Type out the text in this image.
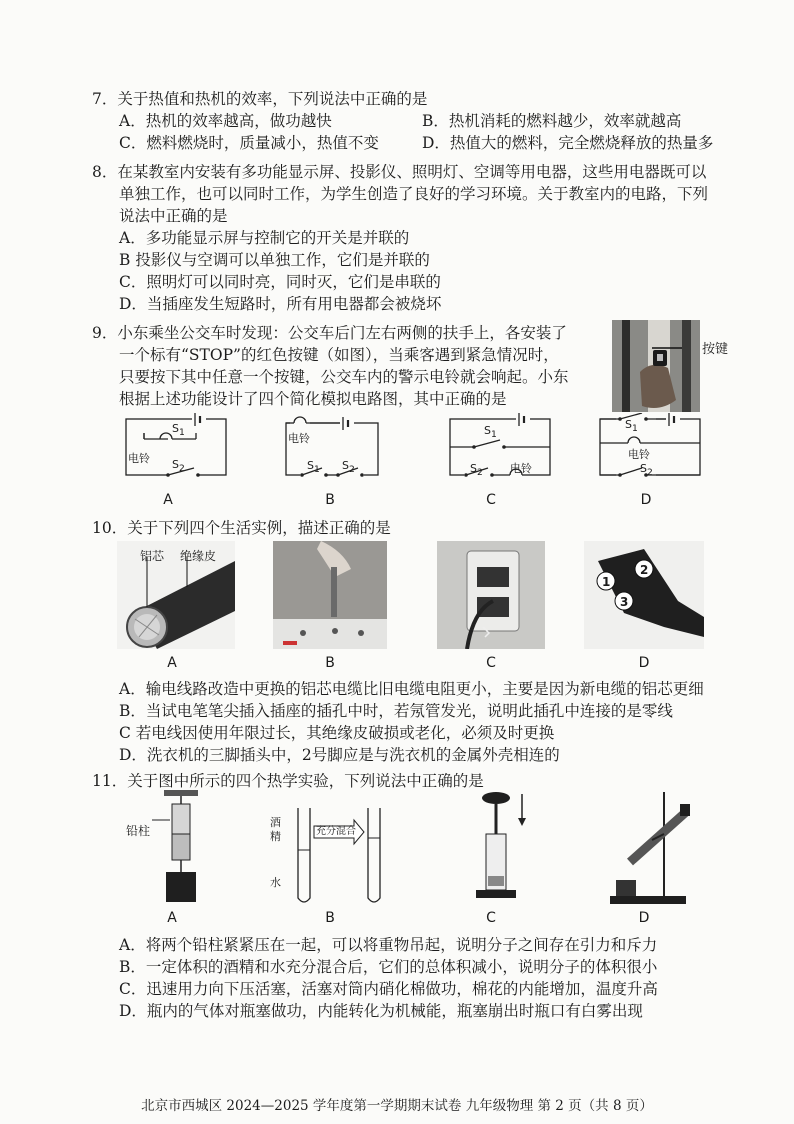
7．关于热值和热机的效率，下列说法中正确的是
A．热机的效率越高，做功越快	B．热机消耗的燃料越少，效率就越高
C．燃料燃烧时，质量减小，热值不变	D．热值大的燃料，完全燃烧释放的热量多
8．在某教室内安装有多功能显示屏、投影仪、照明灯、空调等用电器，这些用电器既可以
单独工作，也可以同时工作，为学生创造了良好的学习环境。关于教室内的电路，下列
说法中正确的是
A．多功能显示屏与控制它的开关是并联的
B 投影仪与空调可以单独工作，它们是并联的
C．照明灯可以同时亮，同时灭，它们是串联的
D．当插座发生短路时，所有用电器都会被烧坏
9．小东乘坐公交车时发现：公交车后门左右两侧的扶手上，各安装了
一个标有“STOP”的红色按键（如图），当乘客遇到紧急情况时，
只要按下其中任意一个按键，公交车内的警示电铃就会响起。小东
根据上述功能设计了四个简化模拟电路图，其中正确的是
按键
$S_1$
电铃 $S_2$
电铃
$S_1$ $S_2$
$S_1$
$S_2$ 电铃
$S_1$
电铃
$S_2$
A	B	C	D
10．关于下列四个生活实例，描述正确的是
铝芯 绝缘皮
1
2
3
A	B	C	D
A．输电线路改造中更换的铝芯电缆比旧电缆电阻更小，主要是因为新电缆的铝芯更细
B．当试电笔笔尖插入插座的插孔中时，若氖管发光，说明此插孔中连接的是零线
C 若电线因使用年限过长，其绝缘皮破损或老化，必须及时更换
D．洗衣机的三脚插头中，2号脚应是与洗衣机的金属外壳相连的
11．关于图中所示的四个热学实验，下列说法中正确的是
铅柱
酒
精
水
充分混合
A	B	C	D
A．将两个铅柱紧紧压在一起，可以将重物吊起，说明分子之间存在引力和斥力
B．一定体积的酒精和水充分混合后，它们的总体积减小，说明分子的体积很小
C．迅速用力向下压活塞，活塞对筒内硝化棉做功，棉花的内能增加，温度升高
D．瓶内的气体对瓶塞做功，内能转化为机械能，瓶塞崩出时瓶口有白雾出现
北京市西城区 2024—2025 学年度第一学期期末试卷 九年级物理 第 2 页（共 8 页）
